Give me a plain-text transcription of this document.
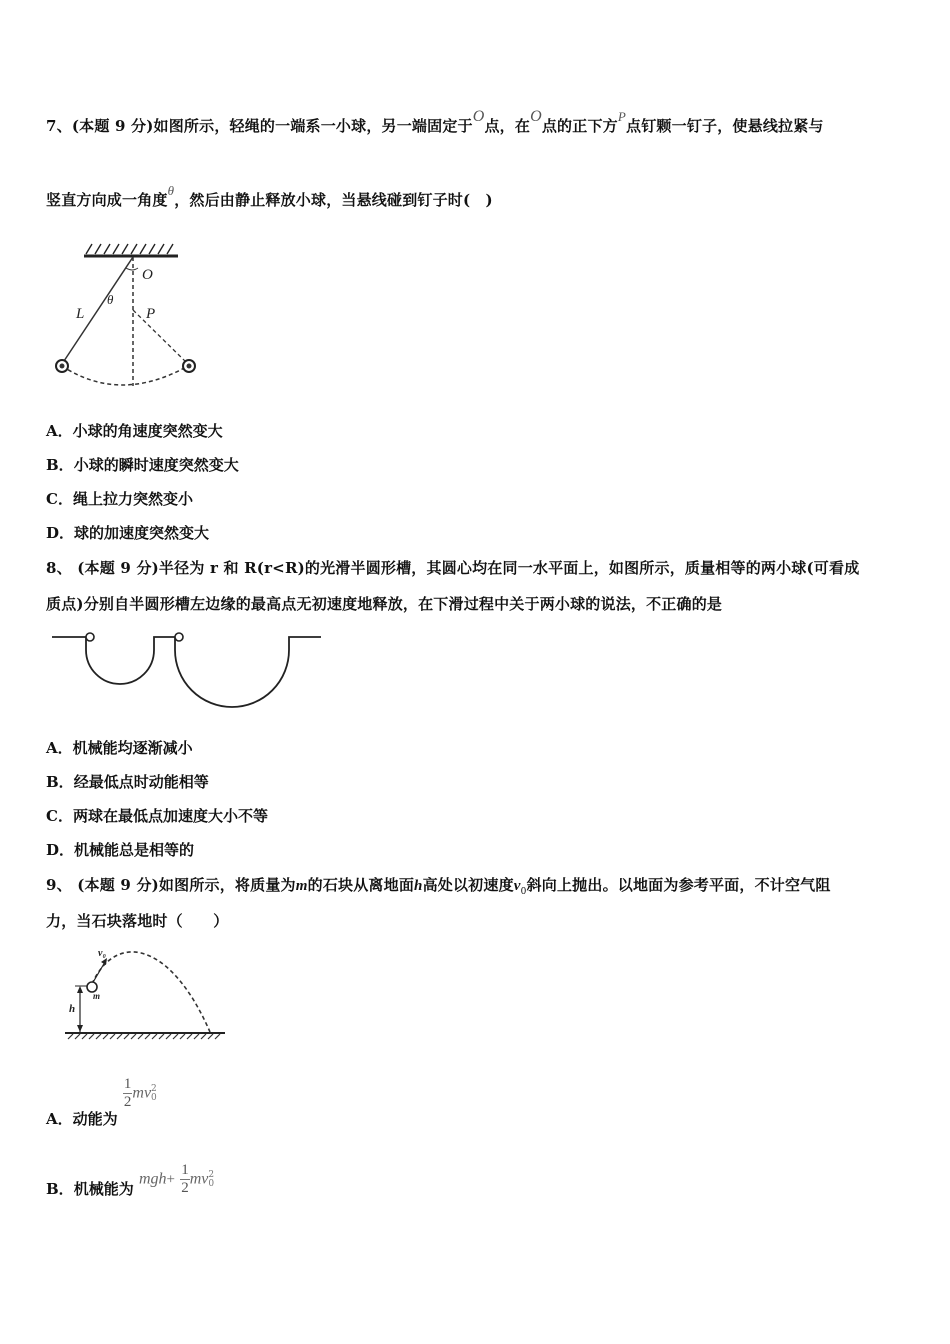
7、(本题 9 分)如图所示，轻绳的一端系一小球，另一端固定于O点，在O点的正下方P点钉颗一钉子，使悬线拉紧与
竖直方向成一角度θ，然后由静止释放小球，当悬线碰到钉子时(　)
O
P
L
θ
A．小球的角速度突然变大
B．小球的瞬时速度突然变大
C．绳上拉力突然变小
D．球的加速度突然变大
8、 (本题 9 分)半径为 r 和 R(r<R)的光滑半圆形槽，其圆心均在同一水平面上，如图所示，质量相等的两小球(可看成
质点)分别自半圆形槽左边缘的最高点无初速度地释放，在下滑过程中关于两小球的说法，不正确的是
A．机械能均逐渐减小
B．经最低点时动能相等
C．两球在最低点加速度大小不等
D．机械能总是相等的
9、 (本题 9 分)如图所示，将质量为m的石块从离地面h高处以初速度$v_0$斜向上抛出。以地面为参考平面，不计空气阻
力，当石块落地时（　　）
v₀
m
h
A．动能为
$\frac{1}{2}$ mv 2
0
B．机械能为 $mgh+ \frac{1}{2}$ mv 2
0
